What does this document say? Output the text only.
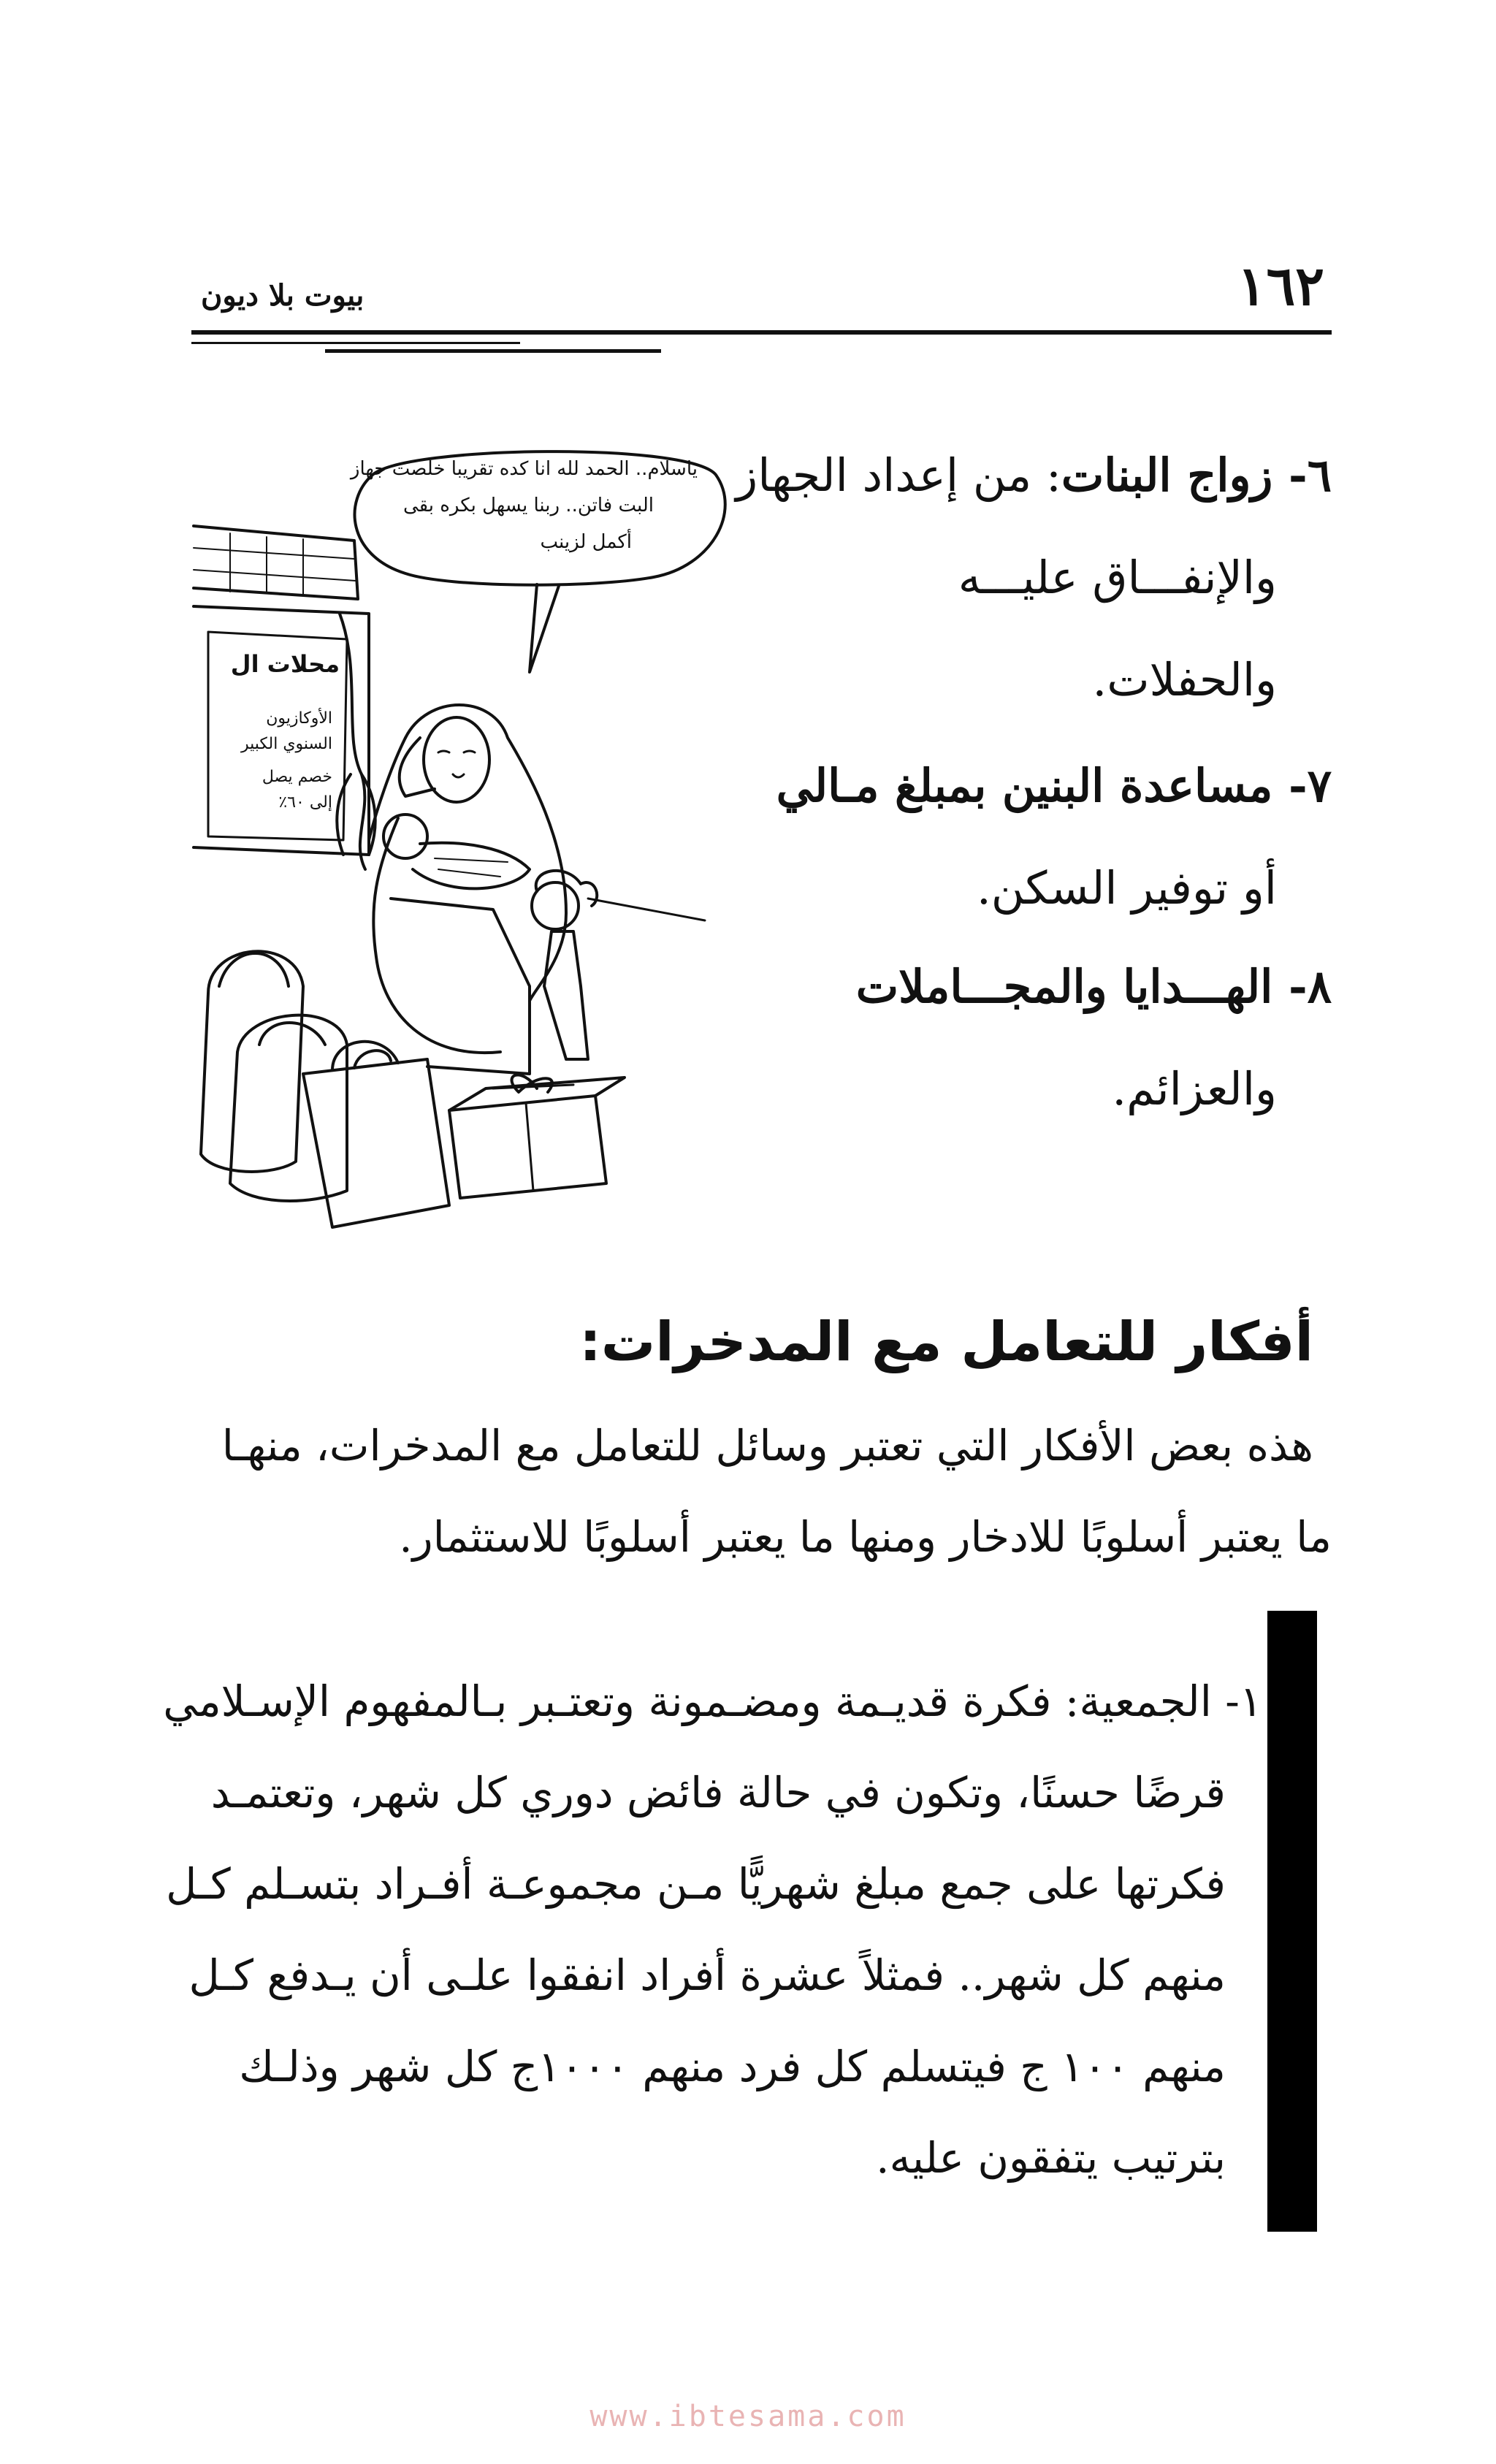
١٦٢
بيوت بلا ديون
٦- زواج البنات: من إعداد الجهاز
والإنفـــاق عليـــه
والحفلات.
٧- مساعدة البنين بمبلغ مـالي
أو توفير السكن.
٨- الهـــدايا والمجـــاملات
والعزائم.
ياسلام.. الحمد لله انا كده تقريبا خلصت جهاز
البت فاتن.. ربنا يسهل بكره بقى
أكمل لزينب
محلات ال
الأوكازيون
السنوي الكبير
خصم يصل
إلى ٦٠٪
أفكار للتعامل مع المدخرات:
هذه بعض الأفكار التي تعتبر وسائل للتعامل مع المدخرات، منهـا
ما يعتبر أسلوبًا للادخار ومنها ما يعتبر أسلوبًا للاستثمار.
١- الجمعية: فكرة قديـمة ومضـمونة وتعتـبر بـالمفهوم الإسـلامي
قرضًا حسنًا، وتكون في حالة فائض دوري كل شهر، وتعتمـد
فكرتها على جمع مبلغ شهريًّا مـن مجموعـة أفـراد بتسـلم كـل
منهم كل شهر.. فمثلاً عشرة أفراد انفقوا علـى أن يـدفع كـل
منهم ١٠٠ ج فيتسلم كل فرد منهم ١٠٠٠ج كل شهر وذلـك
بترتيب يتفقون عليه.
www.ibtesama.com
